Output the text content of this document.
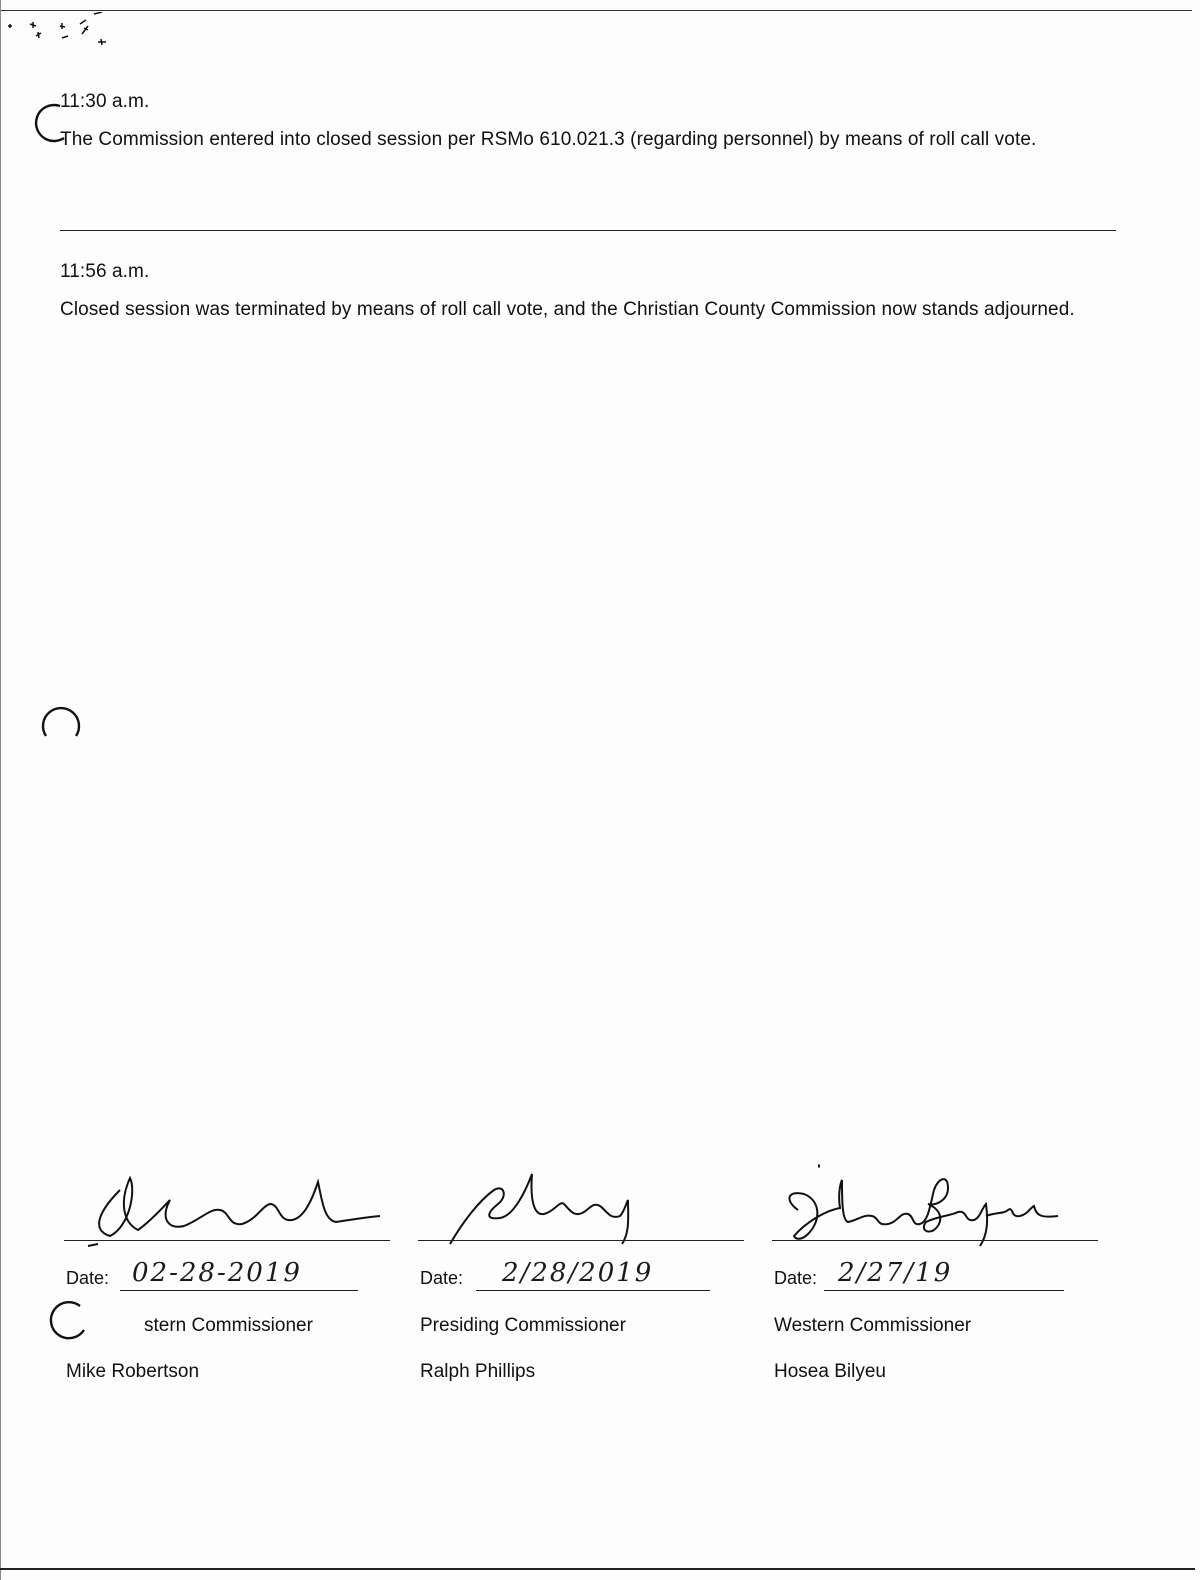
11:30 a.m.
The Commission entered into closed session per RSMo 610.021.3 (regarding personnel) by means of roll call vote.
11:56 a.m.
Closed session was terminated by means of roll call vote, and the Christian County Commission now stands adjourned.
Date: 02-28-2019
stern Commissioner
Mike Robertson
Date: 2/28/2019
Presiding Commissioner
Ralph Phillips
Date: 2/27/19
Western Commissioner
Hosea Bilyeu
